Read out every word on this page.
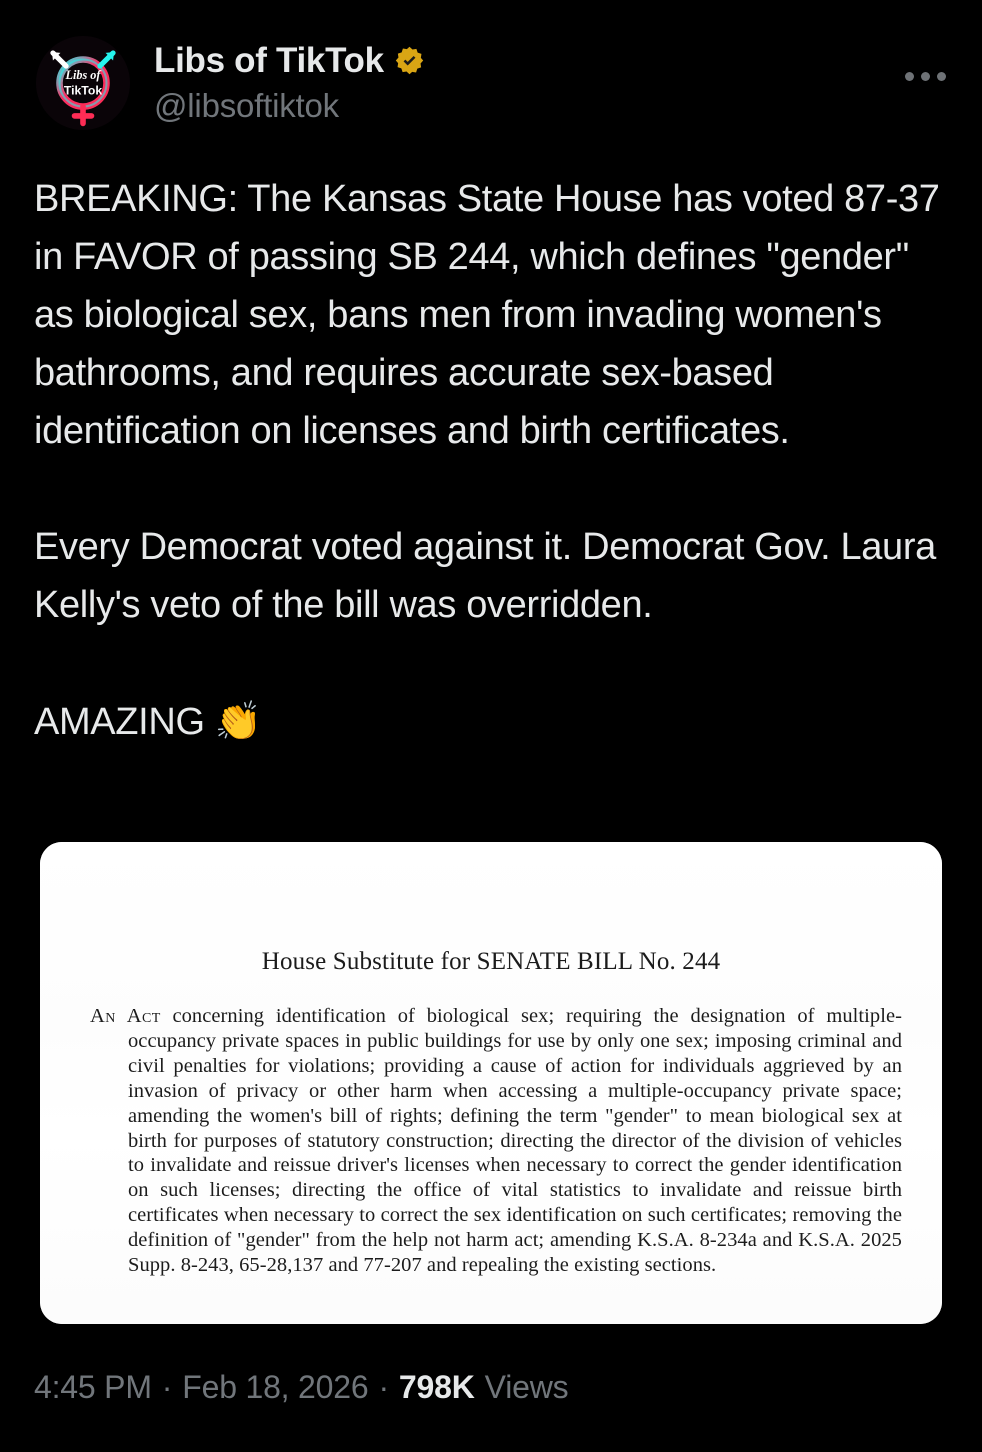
Libs of
TikTok
Libs of TikTok
@libsoftiktok
BREAKING: The Kansas State House has voted 87-37 in FAVOR of passing SB 244, which defines "gender" as biological sex, bans men from invading women's bathrooms, and requires accurate sex-based identification on licenses and birth certificates.

Every Democrat voted against it. Democrat Gov. Laura Kelly's veto of the bill was overridden.

AMAZING 👏
House Substitute for SENATE BILL No. 244
An Act concerning identification of biological sex; requiring the designation of multiple-occupancy private spaces in public buildings for use by only one sex; imposing criminal and civil penalties for violations; providing a cause of action for individuals aggrieved by an invasion of privacy or other harm when accessing a multiple-occupancy private space; amending the women's bill of rights; defining the term "gender" to mean biological sex at birth for purposes of statutory construction; directing the director of the division of vehicles to invalidate and reissue driver's licenses when necessary to correct the gender identification on such licenses; directing the office of vital statistics to invalidate and reissue birth certificates when necessary to correct the sex identification on such certificates; removing the definition of "gender" from the help not harm act; amending K.S.A. 8-234a and K.S.A. 2025 Supp. 8-243, 65-28,137 and 77-207 and repealing the existing sections.
4:45 PM · Feb 18, 2026 · 798K Views
